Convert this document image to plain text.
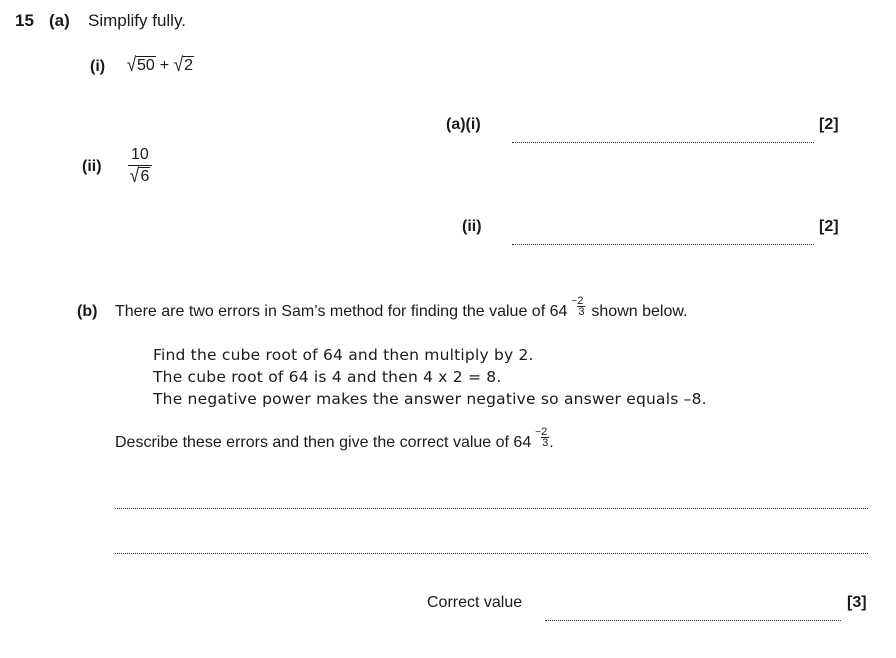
15 (a) Simplify fully.
(i) √ 50 + √ 2
(a)(i)	[2]
$(ii) \frac{10}{√ 6}$
(ii)	[2]
(b) There are two errors in Sam’s method for finding the value of 64
− 2
3 shown below.
Find the cube root of 64 and then multiply by 2.
The cube root of 64 is 4 and then 4 x 2 = 8.
The negative power makes the answer negative so answer equals –8.
Describe these errors and then give the correct value of 64
− 2
3 .
Correct value	[3]
